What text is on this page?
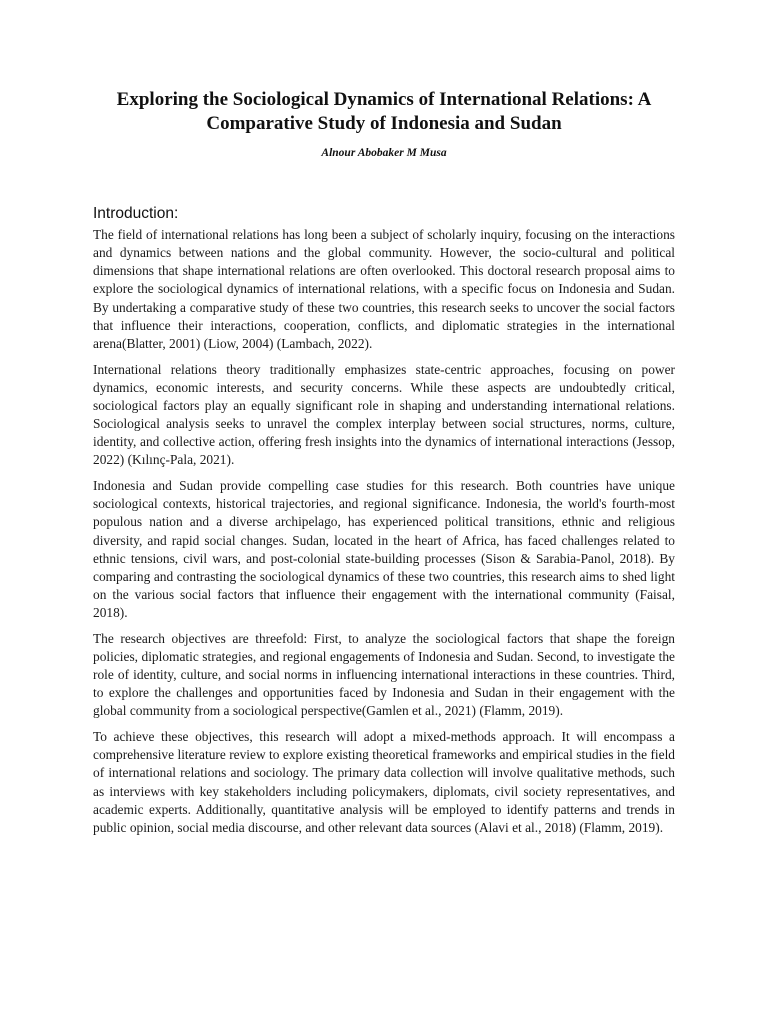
Exploring the Sociological Dynamics of International Relations: A Comparative Study of Indonesia and Sudan
Alnour Abobaker M Musa
Introduction:

The field of international relations has long been a subject of scholarly inquiry, focusing on the interactions and dynamics between nations and the global community. However, the socio-cultural and political dimensions that shape international relations are often overlooked. This doctoral research proposal aims to explore the sociological dynamics of international relations, with a specific focus on Indonesia and Sudan. By undertaking a comparative study of these two countries, this research seeks to uncover the social factors that influence their interactions, cooperation, conflicts, and diplomatic strategies in the international arena(Blatter, 2001) (Liow, 2004) (Lambach, 2022).

International relations theory traditionally emphasizes state-centric approaches, focusing on power dynamics, economic interests, and security concerns. While these aspects are undoubtedly critical, sociological factors play an equally significant role in shaping and understanding international relations. Sociological analysis seeks to unravel the complex interplay between social structures, norms, culture, identity, and collective action, offering fresh insights into the dynamics of international interactions (Jessop, 2022) (Kılınç-Pala, 2021).

Indonesia and Sudan provide compelling case studies for this research. Both countries have unique sociological contexts, historical trajectories, and regional significance. Indonesia, the world's fourth-most populous nation and a diverse archipelago, has experienced political transitions, ethnic and religious diversity, and rapid social changes. Sudan, located in the heart of Africa, has faced challenges related to ethnic tensions, civil wars, and post-colonial state-building processes (Sison & Sarabia-Panol, 2018). By comparing and contrasting the sociological dynamics of these two countries, this research aims to shed light on the various social factors that influence their engagement with the international community (Faisal, 2018).

The research objectives are threefold: First, to analyze the sociological factors that shape the foreign policies, diplomatic strategies, and regional engagements of Indonesia and Sudan. Second, to investigate the role of identity, culture, and social norms in influencing international interactions in these countries. Third, to explore the challenges and opportunities faced by Indonesia and Sudan in their engagement with the global community from a sociological perspective(Gamlen et al., 2021) (Flamm, 2019).

To achieve these objectives, this research will adopt a mixed-methods approach. It will encompass a comprehensive literature review to explore existing theoretical frameworks and empirical studies in the field of international relations and sociology. The primary data collection will involve qualitative methods, such as interviews with key stakeholders including policymakers, diplomats, civil society representatives, and academic experts. Additionally, quantitative analysis will be employed to identify patterns and trends in public opinion, social media discourse, and other relevant data sources (Alavi et al., 2018) (Flamm, 2019).
